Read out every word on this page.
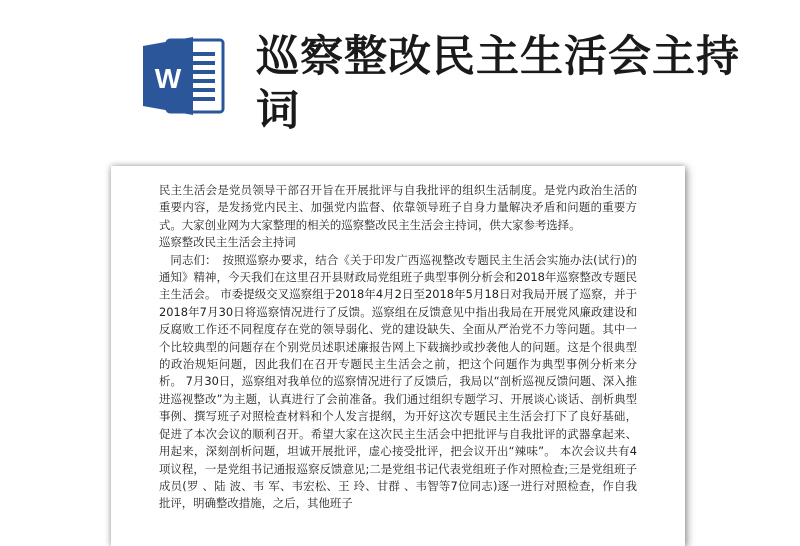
W 巡察整改民主生活会主持词

民主生活会是党员领导干部召开旨在开展批评与自我批评的组织生活制度。是党内政治生活的重要内容，是发扬党内民主、加强党内监督、依靠领导班子自身力量解决矛盾和问题的重要方式。大家创业网为大家整理的相关的巡察整改民主生活会主持词，供大家参考选择。

巡察整改民主生活会主持词

同志们：　按照巡察办要求，结合《关于印发广西巡视整改专题民主生活会实施办法(试行)的通知》精神，今天我们在这里召开县财政局党组班子典型事例分析会和2018年巡察整改专题民主生活会。 市委提级交叉巡察组于2018年4月2日至2018年5月18日对我局开展了巡察，并于2018年7月30日将巡察情况进行了反馈。巡察组在反馈意见中指出我局在开展党风廉政建设和反腐败工作还不同程度存在党的领导弱化、党的建设缺失、全面从严治党不力等问题。其中一个比较典型的问题存在个别党员述职述廉报告网上下载摘抄或抄袭他人的问题。这是个很典型的政治规矩问题，因此我们在召开专题民主生活会之前，把这个问题作为典型事例分析来分析。 7月30日，巡察组对我单位的巡察情况进行了反馈后，我局以“剖析巡视反馈问题、深入推进巡视整改”为主题，认真进行了会前准备。我们通过组织专题学习、开展谈心谈话、剖析典型事例、撰写班子对照检查材料和个人发言提纲，为开好这次专题民主生活会打下了良好基础，促进了本次会议的顺利召开。希望大家在这次民主生活会中把批评与自我批评的武器拿起来、用起来，深刻剖析问题，坦诚开展批评，虚心接受批评，把会议开出“辣味”。 本次会议共有4项议程，一是党组书记通报巡察反馈意见;二是党组书记代表党组班子作对照检查;三是党组班子成员(罗 、陆 波、韦 军、韦宏松、王 玲、甘群 、韦智等7位同志)逐一进行对照检查，作自我批评，明确整改措施，之后，其他班子
